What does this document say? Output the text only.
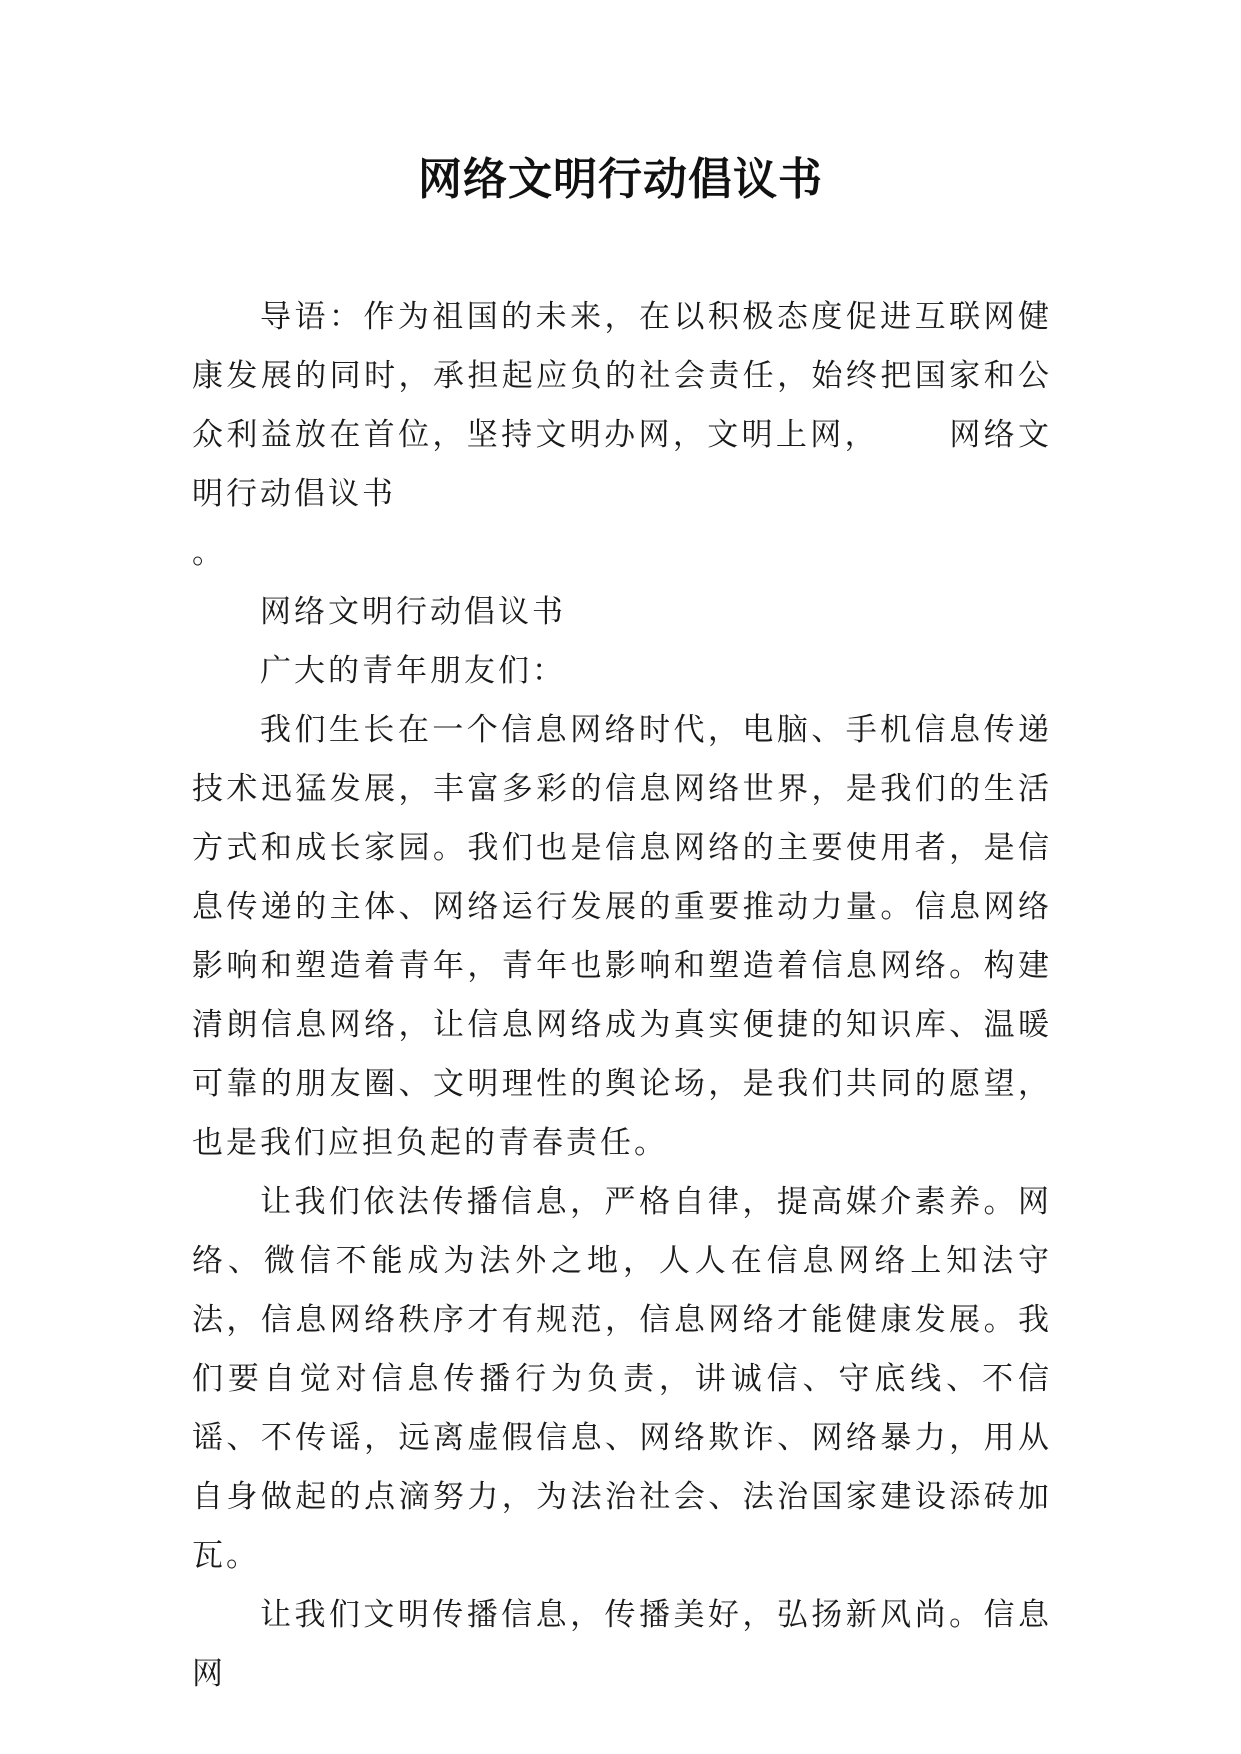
网络文明行动倡议书

导语：作为祖国的未来，在以积极态度促进互联网健康发展的同时，承担起应负的社会责任，始终把国家和公众利益放在首位，坚持文明办网，文明上网， 网络文明行动倡议书

。

网络文明行动倡议书

广大的青年朋友们：

我们生长在一个信息网络时代，电脑、手机信息传递技术迅猛发展，丰富多彩的信息网络世界，是我们的生活方式和成长家园。我们也是信息网络的主要使用者，是信息传递的主体、网络运行发展的重要推动力量。信息网络影响和塑造着青年，青年也影响和塑造着信息网络。构建清朗信息网络，让信息网络成为真实便捷的知识库、温暖可靠的朋友圈、文明理性的舆论场，是我们共同的愿望，也是我们应担负起的青春责任。

让我们依法传播信息，严格自律，提高媒介素养。网络、微信不能成为法外之地，人人在信息网络上知法守法，信息网络秩序才有规范，信息网络才能健康发展。我们要自觉对信息传播行为负责，讲诚信、守底线、不信谣、不传谣，远离虚假信息、网络欺诈、网络暴力，用从自身做起的点滴努力，为法治社会、法治国家建设添砖加瓦。

让我们文明传播信息，传播美好，弘扬新风尚。信息网
